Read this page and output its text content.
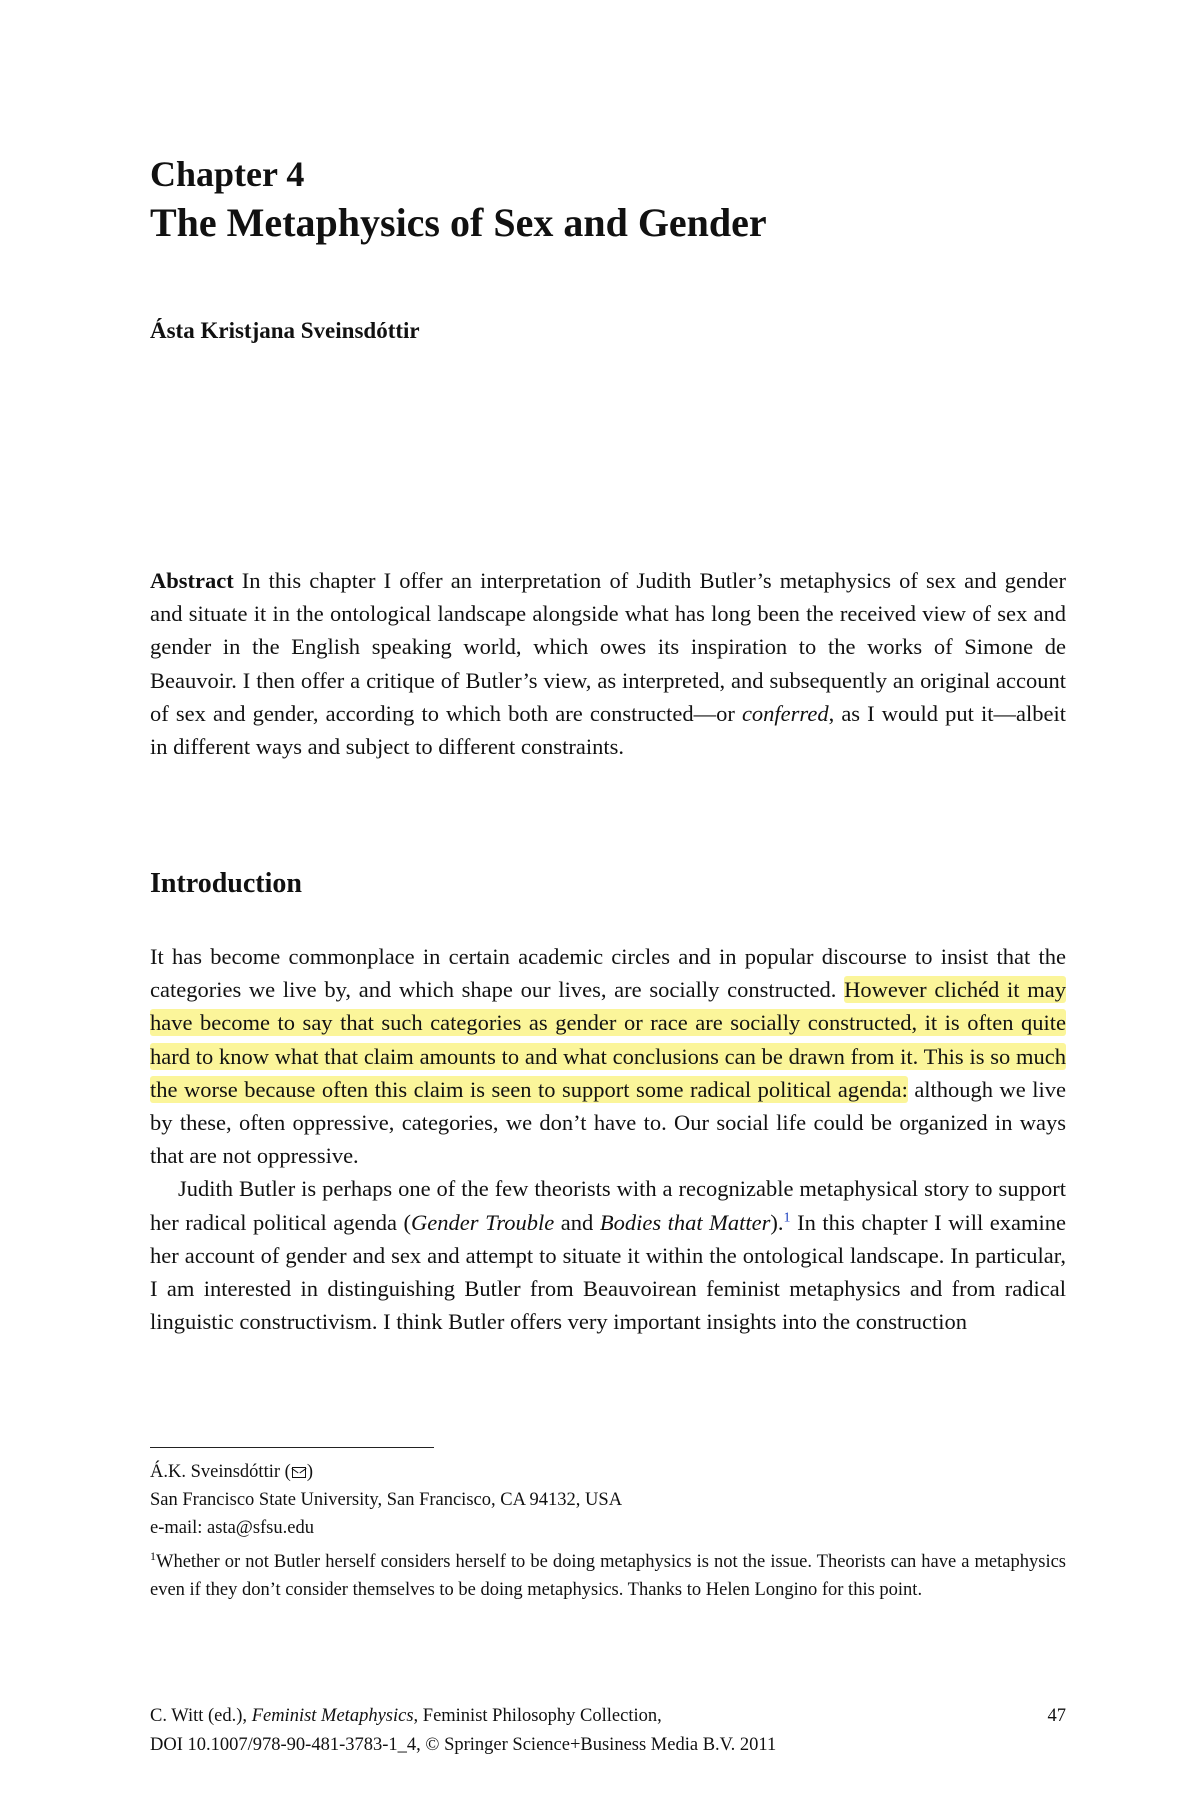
Chapter 4
The Metaphysics of Sex and Gender
Ásta Kristjana Sveinsdóttir
Abstract In this chapter I offer an interpretation of Judith Butler’s metaphysics of sex and gender and situate it in the ontological landscape alongside what has long been the received view of sex and gender in the English speaking world, which owes its inspiration to the works of Simone de Beauvoir. I then offer a critique of Butler’s view, as interpreted, and subsequently an original account of sex and gender, according to which both are constructed—or conferred, as I would put it—albeit in different ways and subject to different constraints.
Introduction

It has become commonplace in certain academic circles and in popular discourse to insist that the categories we live by, and which shape our lives, are socially constructed. However clichéd it may have become to say that such categories as gender or race are socially constructed, it is often quite hard to know what that claim amounts to and what conclusions can be drawn from it. This is so much the worse because often this claim is seen to support some radical political agenda: although we live by these, often oppressive, categories, we don’t have to. Our social life could be organized in ways that are not oppressive.

Judith Butler is perhaps one of the few theorists with a recognizable metaphysical story to support her radical political agenda (Gender Trouble and Bodies that Matter).$^1$ In this chapter I will examine her account of gender and sex and attempt to situate it within the ontological landscape. In particular, I am interested in distinguishing Butler from Beauvoirean feminist metaphysics and from radical linguistic constructivism. I think Butler offers very important insights into the construction

Á.K. Sveinsdóttir ( )

San Francisco State University, San Francisco, CA 94132, USA

e-mail: asta@sfsu.edu

$^1$Whether or not Butler herself considers herself to be doing metaphysics is not the issue. Theorists can have a metaphysics even if they don’t consider themselves to be doing metaphysics. Thanks to Helen Longino for this point.

C. Witt (ed.), Feminist Metaphysics, Feminist Philosophy Collection,

DOI 10.1007/978-90-481-3783-1_4, © Springer Science+Business Media B.V. 2011

47
